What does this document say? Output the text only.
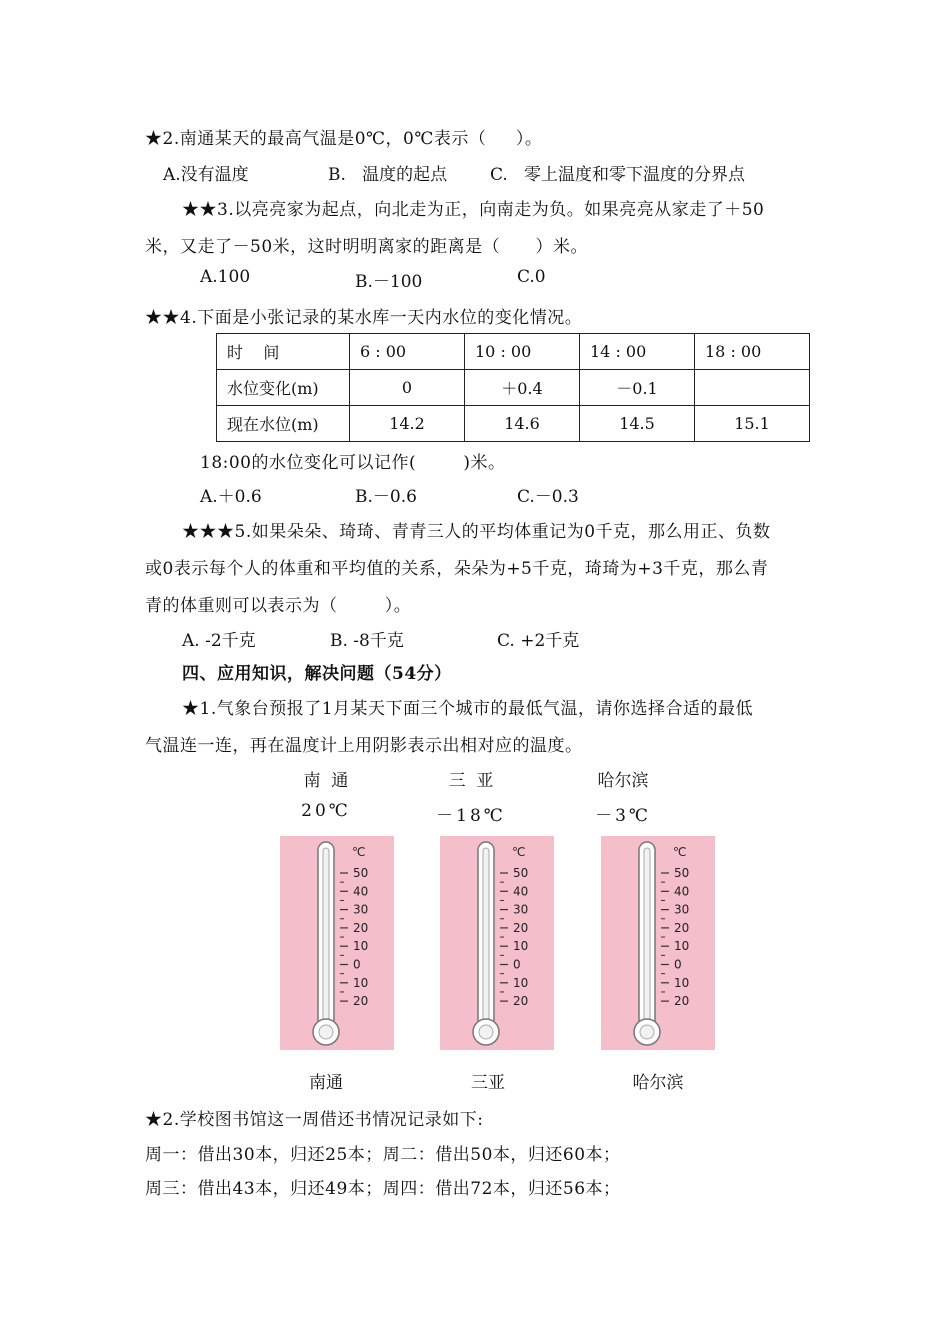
★2.南通某天的最高气温是0℃，0℃表示（     ）。
A.没有温度	B.   温度的起点	C.   零上温度和零下温度的分界点
★★3.以亮亮家为起点，向北走为正，向南走为负。如果亮亮从家走了＋50
米，又走了－50米，这时明明离家的距离是（      ）米。
A.100	B.－100	C.0
★★4.下面是小张记录的某水库一天内水位的变化情况。
时    间	6 : 00	10 : 00	14 : 00	18 : 00
水位变化(m)	0	＋0.4	－0.1	
现在水位(m)	14.2	14.6	14.5	15.1
18:00的水位变化可以记作(        )米。
A.＋0.6	B.－0.6	C.－0.3
★★★5.如果朵朵、琦琦、青青三人的平均体重记为0千克，那么用正、负数
或0表示每个人的体重和平均值的关系，朵朵为+5千克，琦琦为+3千克，那么青
青的体重则可以表示为（        ）。
A. -2千克	B. -8千克	C. +2千克
四、应用知识，解决问题（54分）
★1.气象台预报了1月某天下面三个城市的最低气温，请你选择合适的最低
气温连一连，再在温度计上用阴影表示出相对应的温度。
南  通	三  亚	哈尔滨
20℃	－18℃	－3℃
℃
50
40
30
20
10
0
10
20
℃
50
40
30
20
10
0
10
20
℃
50
40
30
20
10
0
10
20
南通	三亚	哈尔滨
★2.学校图书馆这一周借还书情况记录如下:
周一：借出30本，归还25本；周二：借出50本，归还60本；
周三：借出43本，归还49本；周四：借出72本，归还56本；
